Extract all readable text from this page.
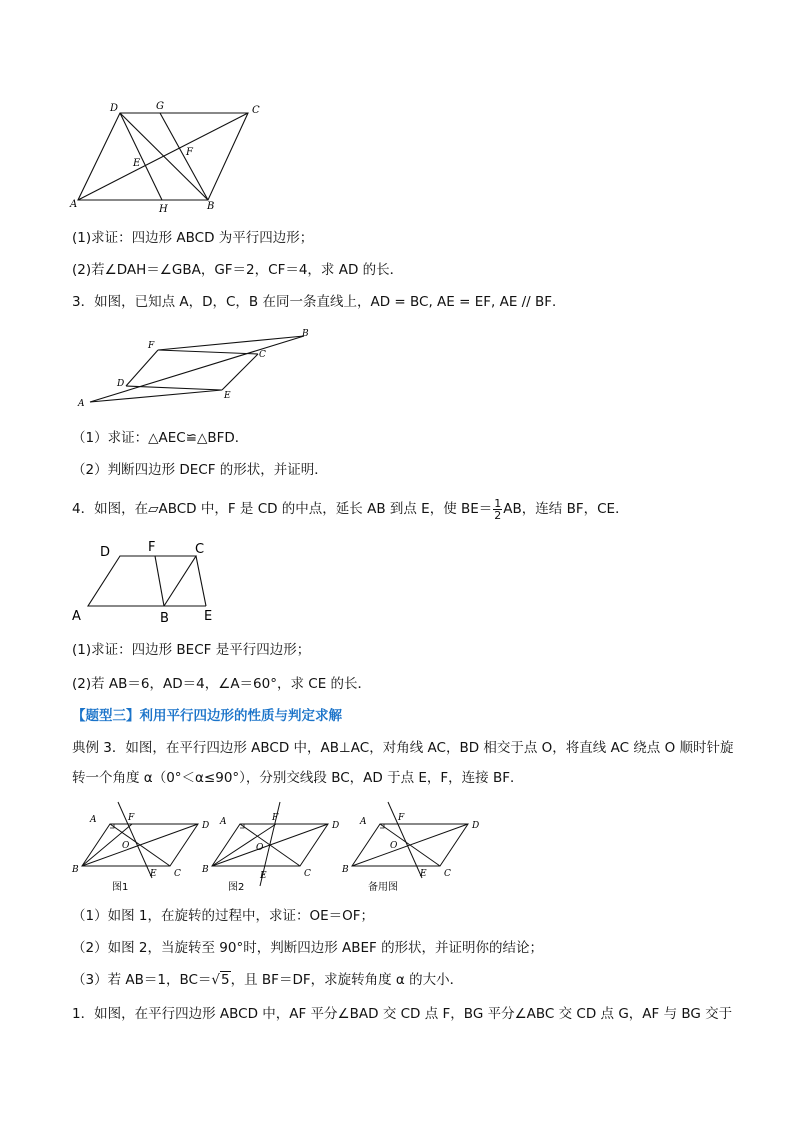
D	G	C
E
F
A	H	B
(1)求证：四边形 ABCD 为平行四边形；
(2)若∠DAH＝∠GBA，GF＝2，CF＝4，求 AD 的长．
3．如图，已知点 A，D，C，B 在同一条直线上，AD = BC, AE = EF, AE // BF．
F
B
C
D
A
E
（1）求证：△AEC≌△BFD．
（2）判断四边形 DECF 的形状，并证明．
4．如图，在▱ABCD 中，F 是 CD 的中点，延长 AB 到点 E，使 $BE= \frac{1}{2}$ AB，连结 BF，CE．
D	F	C
A	B	E
(1)求证：四边形 BECF 是平行四边形；
(2)若 AB＝6，AD＝4，∠A＝60°，求 CE 的长．
【题型三】利用平行四边形的性质与判定求解
典例 3．如图，在平行四边形 ABCD 中，AB⊥AC，对角线 AC，BD 相交于点 O，将直线 AC 绕点 O 顺时针旋
转一个角度 α（0°＜α≤90°），分别交线段 BC，AD 于点 E，F，连接 BF．
A	F
D
O
B	E C
图1
A	F
D
O
B
E	C
图2
A	F
D
O
B	E C
备用图
（1）如图 1，在旋转的过程中，求证：OE＝OF；
（2）如图 2，当旋转至 90°时，判断四边形 ABEF 的形状，并证明你的结论；
（3）若 AB＝1，BC＝√5，且 BF＝DF，求旋转角度 α 的大小．
1．如图，在平行四边形 ABCD 中，AF 平分∠BAD 交 CD 点 F，BG 平分∠ABC 交 CD 点 G，AF 与 BG 交于
